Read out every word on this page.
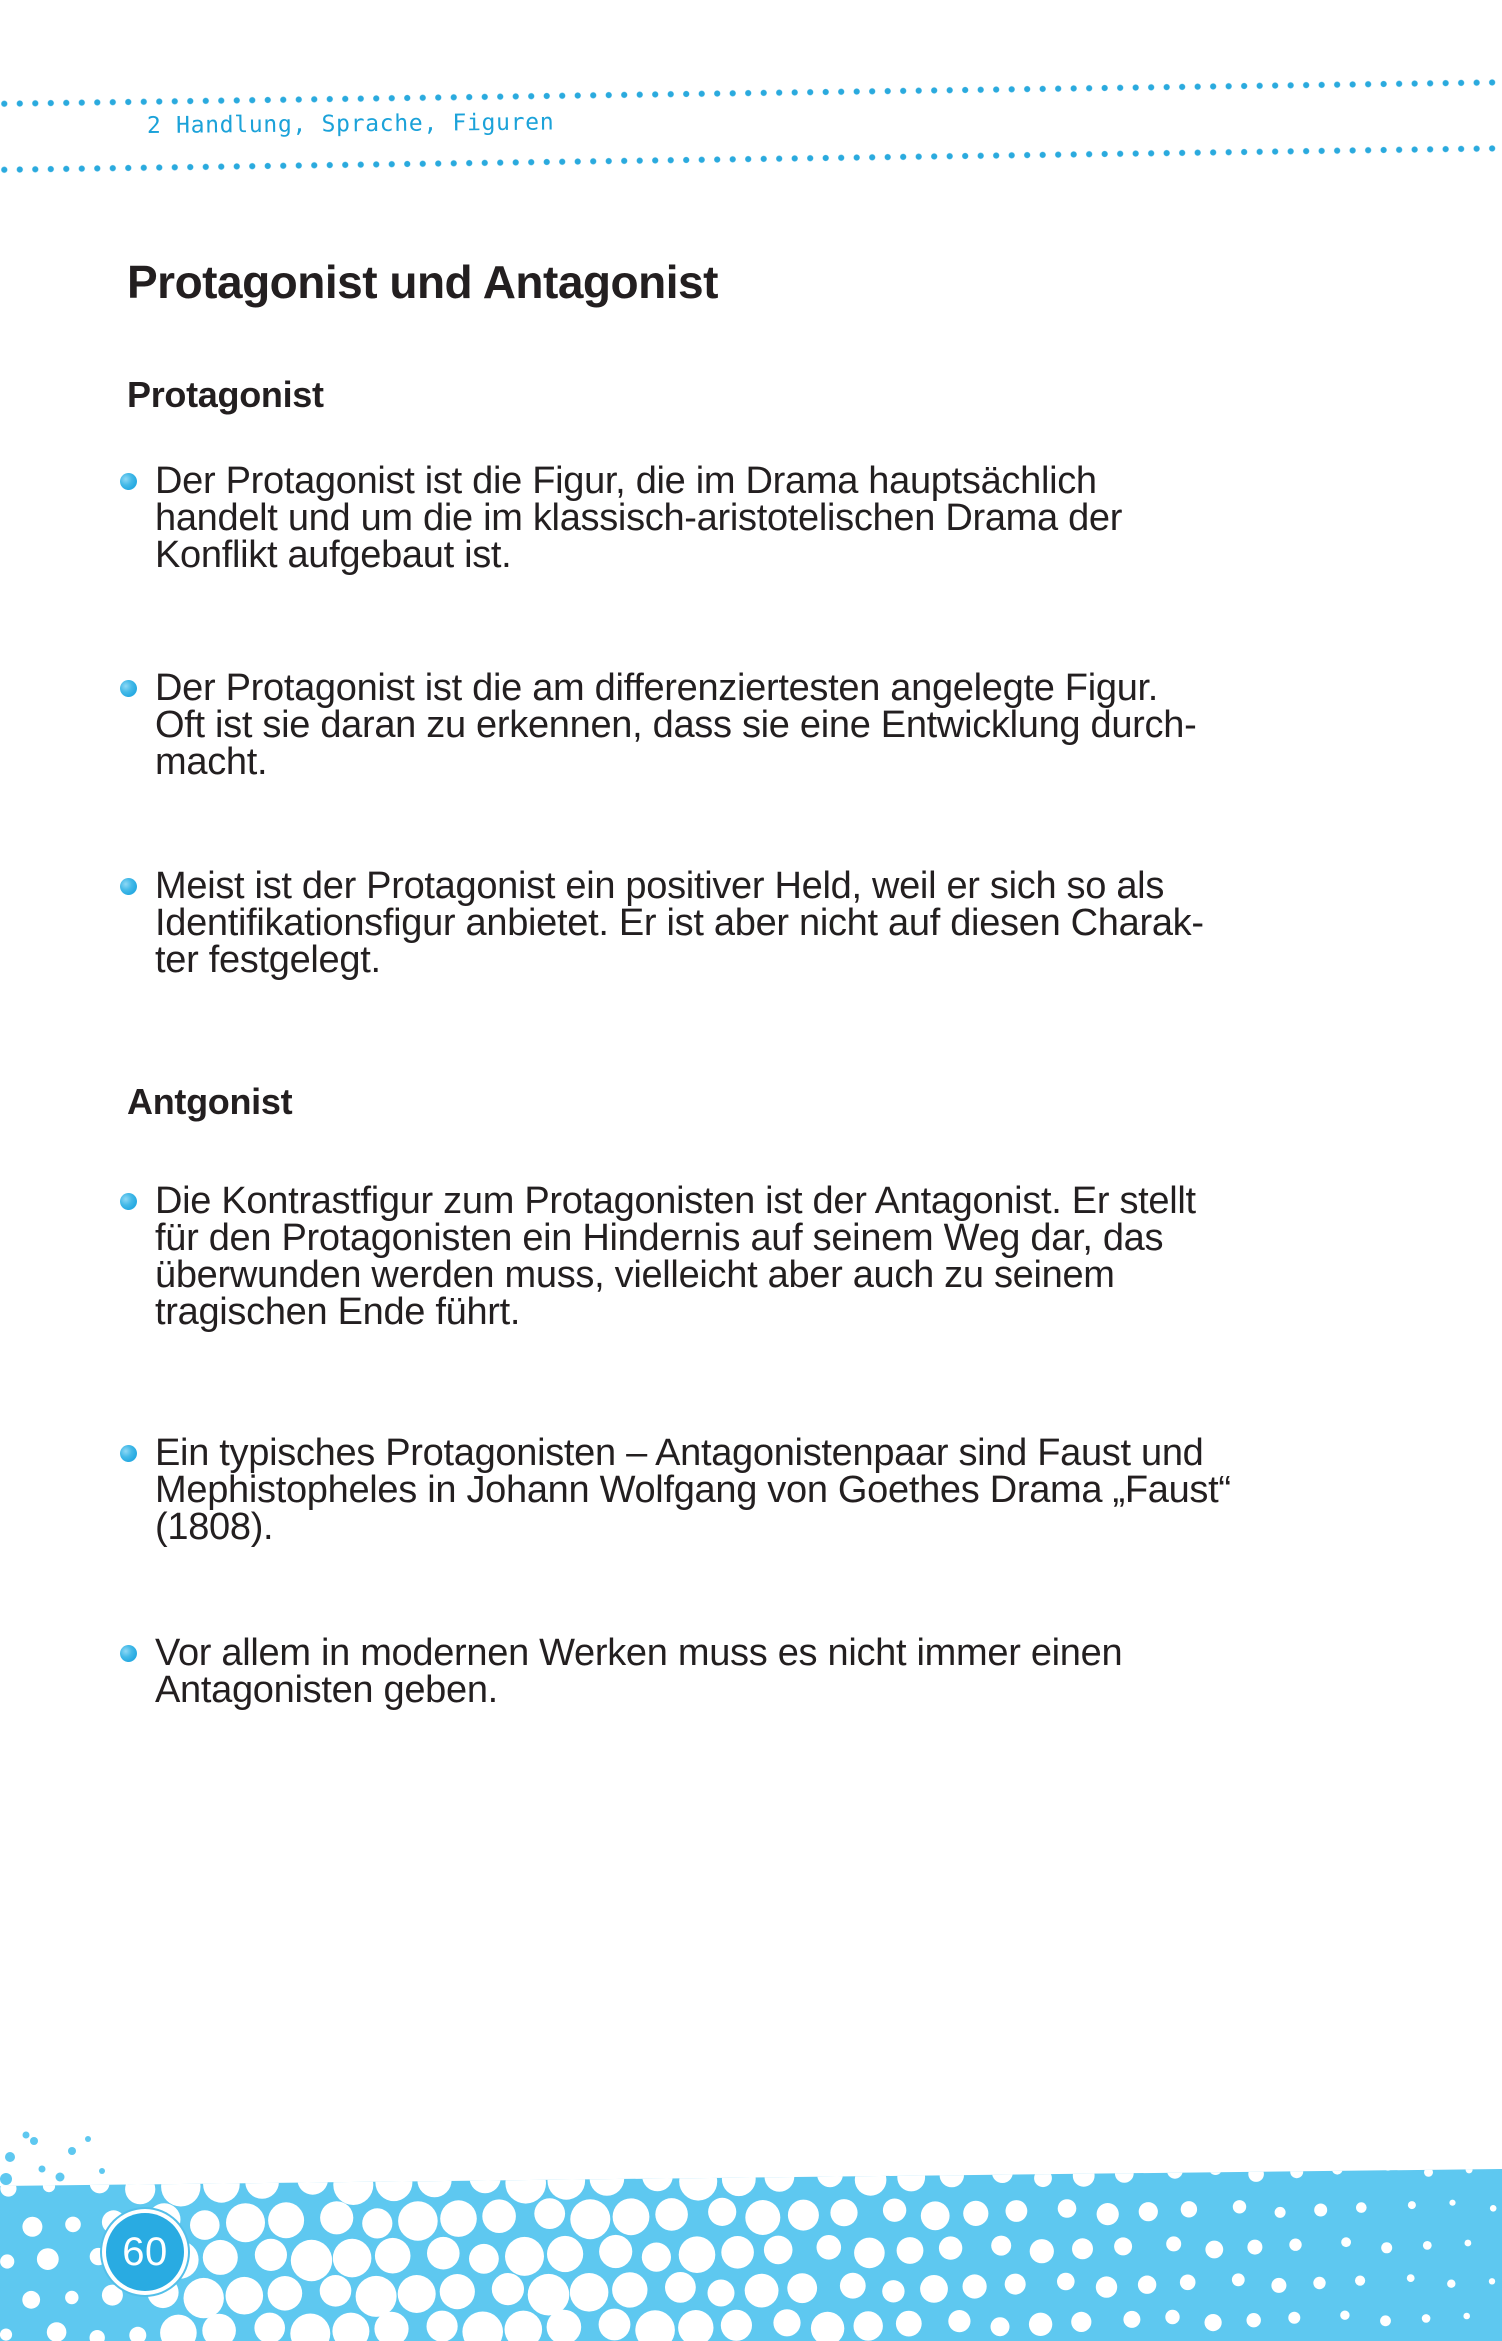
2 Handlung, Sprache, Figuren
Protagonist und Antagonist
Protagonist
Der Protagonist ist die Figur, die im Drama hauptsächlich
handelt und um die im klassisch-aristotelischen Drama der
Konflikt aufgebaut ist.
Der Protagonist ist die am differenziertesten angelegte Figur.
Oft ist sie daran zu erkennen, dass sie eine Entwicklung durch-
macht.
Meist ist der Protagonist ein positiver Held, weil er sich so als
Identifikationsfigur anbietet. Er ist aber nicht auf diesen Charak-
ter festgelegt.
Antgonist
Die Kontrastfigur zum Protagonisten ist der Antagonist. Er stellt
für den Protagonisten ein Hindernis auf seinem Weg dar, das
überwunden werden muss, vielleicht aber auch zu seinem
tragischen Ende führt.
Ein typisches Protagonisten – Antagonistenpaar sind Faust und
Mephistopheles in Johann Wolfgang von Goethes Drama „Faust“
(1808).
Vor allem in modernen Werken muss es nicht immer einen
Antagonisten geben.
60
